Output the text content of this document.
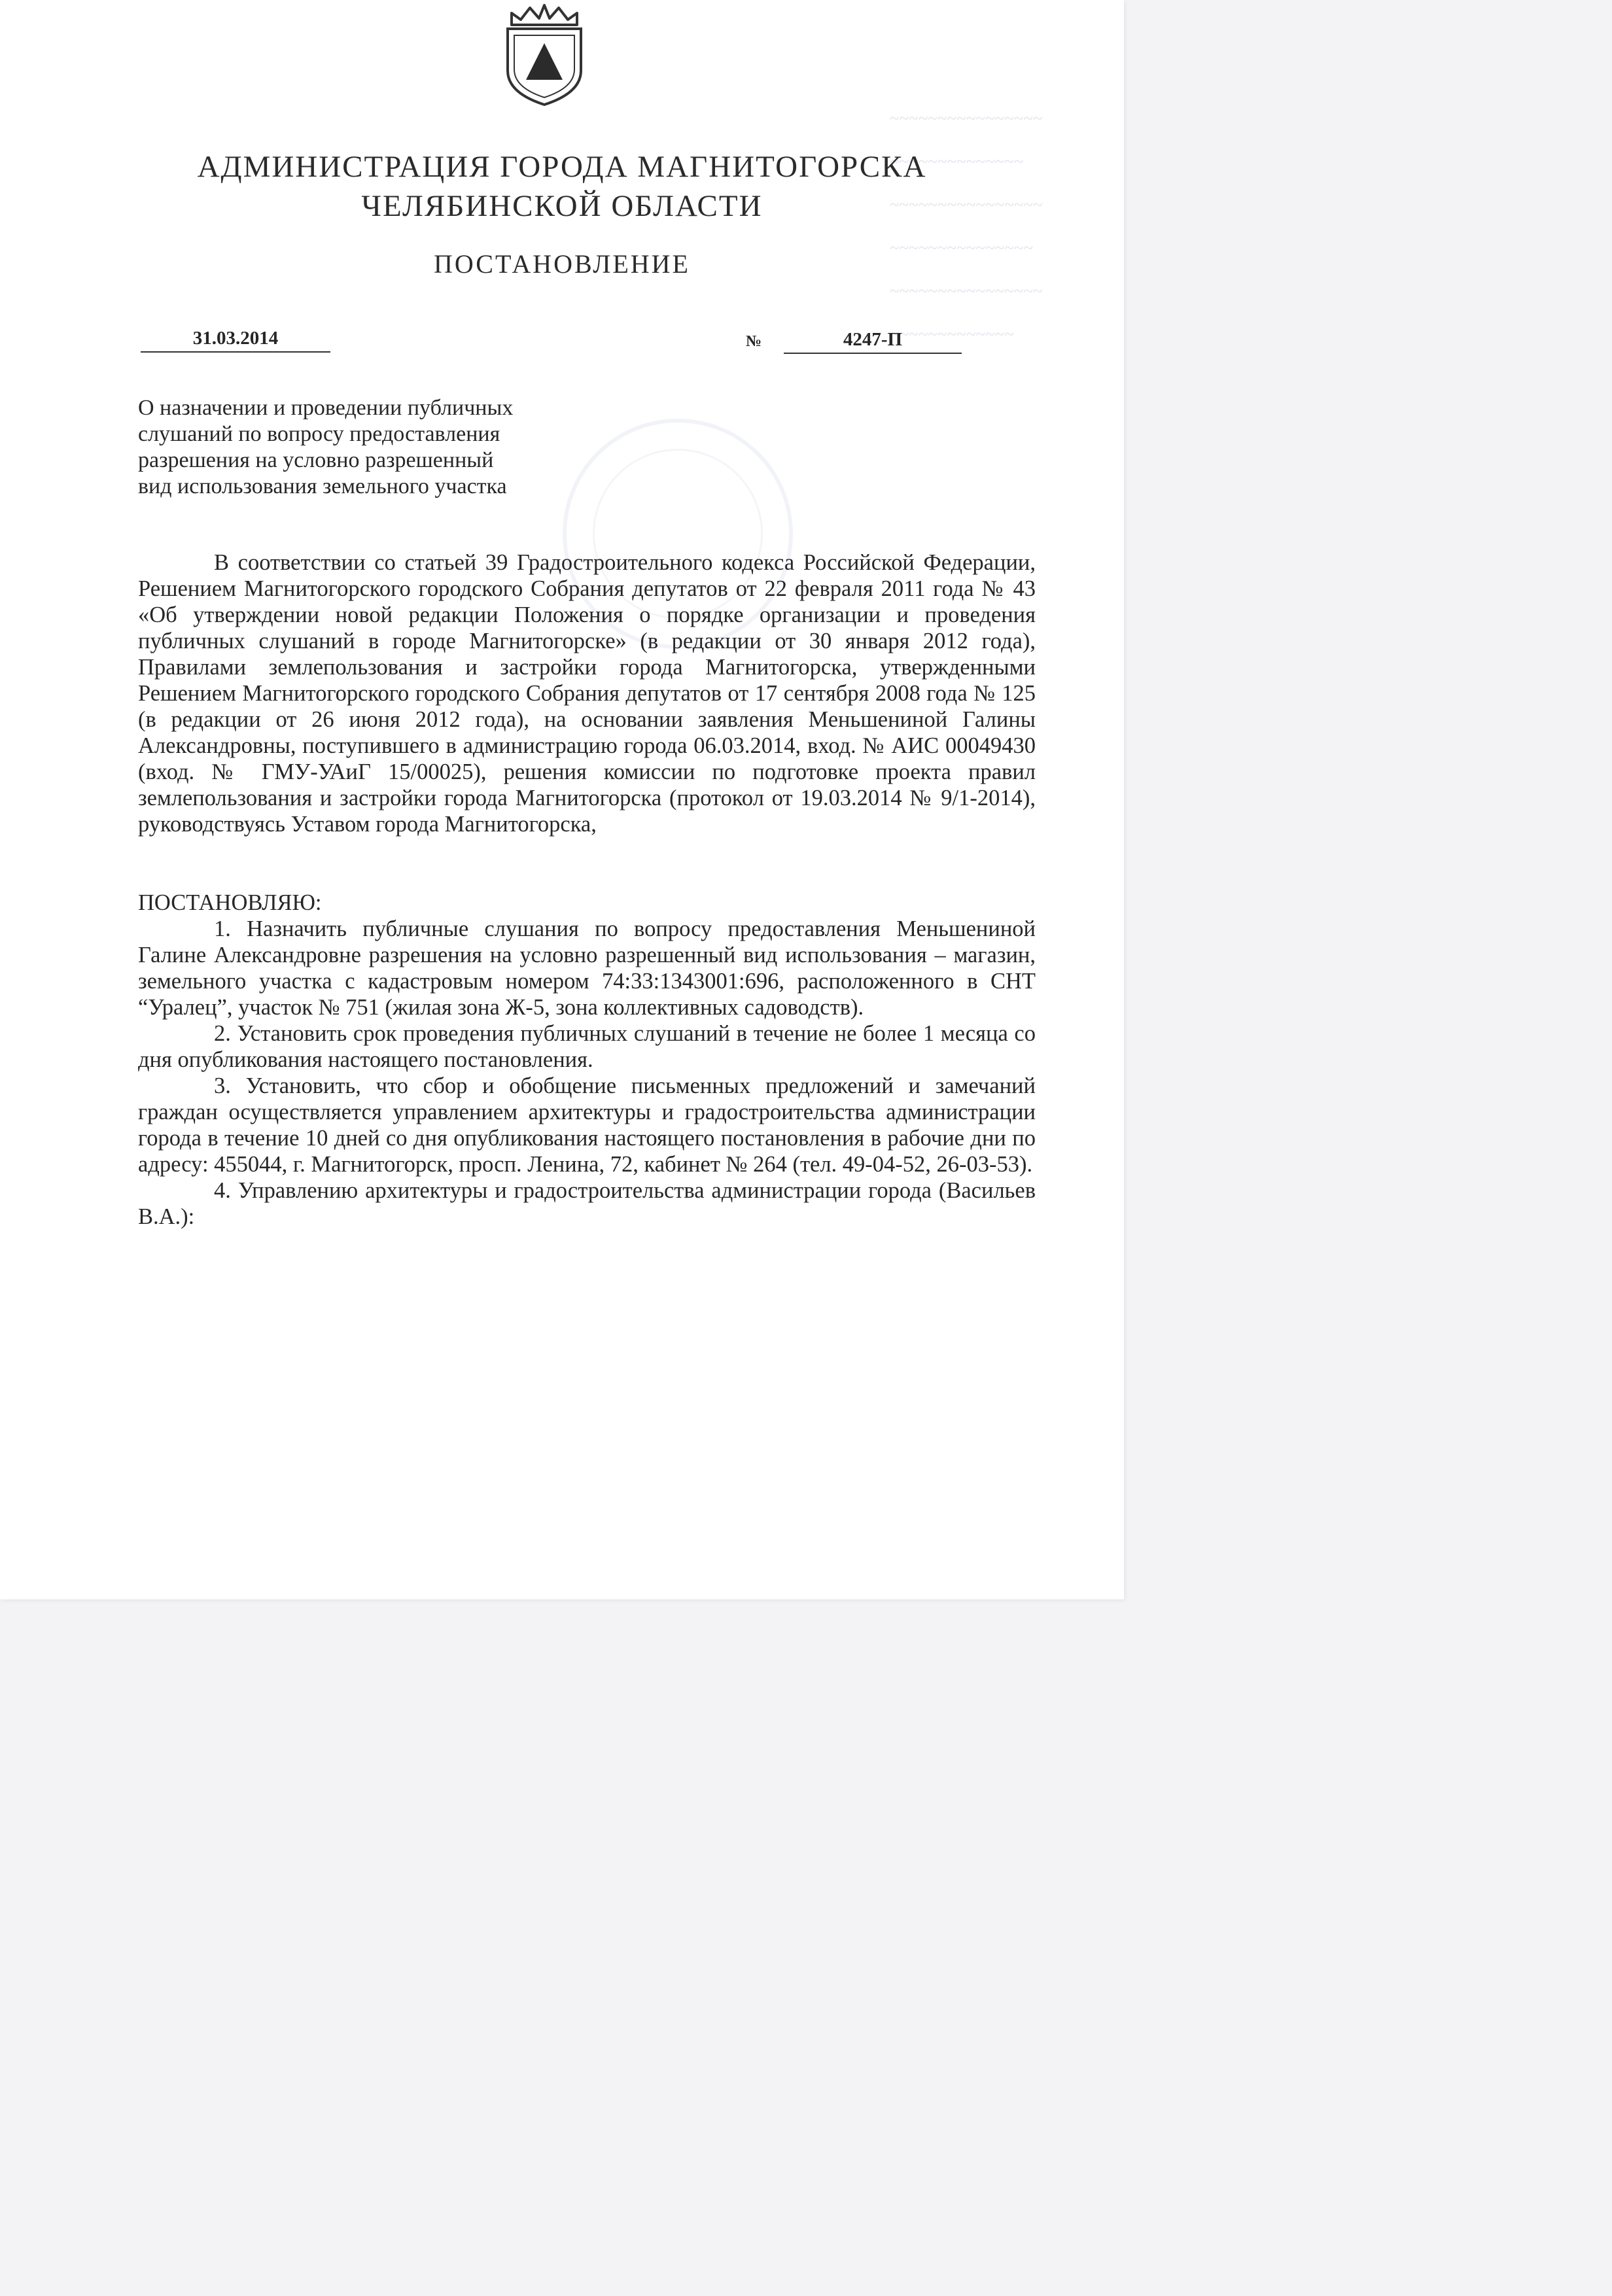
~~~~~~~~~~~~~~~~
~~~~~~~~~~~~~~
~~~~~~~~~~~~~~~~
~~~~~~~~~~~~~~~
~~~~~~~~~~~~~~~~
~~~~~~~~~~~~~
АДМИНИСТРАЦИЯ ГОРОДА МАГНИТОГОРСКА
ЧЕЛЯБИНСКОЙ ОБЛАСТИ
ПОСТАНОВЛЕНИЕ
31.03.2014	№	4247-П
О назначении и проведении публичных
слушаний по вопросу предоставления
разрешения на условно разрешенный
вид использования земельного участка

В соответствии со статьей 39 Градостроительного кодекса Российской Федерации, Решением Магнитогорского городского Собрания депутатов от 22 февраля 2011 года № 43 «Об утверждении новой редакции Положения о порядке организации и проведения публичных слушаний в городе Магнитогорске» (в редакции от 30 января 2012 года), Правилами землепользования и застройки города Магнитогорска, утвержденными Решением Магнитогорского городского Собрания депутатов от 17 сентября 2008 года № 125 (в редакции от 26 июня 2012 года), на основании заявления Меньшениной Галины Александровны, поступившего в администрацию города 06.03.2014, вход. № АИС 00049430 (вход. № ГМУ-УАиГ 15/00025), решения комиссии по подготовке проекта правил землепользования и застройки города Магнитогорска (протокол от 19.03.2014 № 9/1-2014), руководствуясь Уставом города Магнитогорска,

ПОСТАНОВЛЯЮ:

1. Назначить публичные слушания по вопросу предоставления Меньшениной Галине Александровне разрешения на условно разрешенный вид использования – магазин, земельного участка с кадастровым номером 74:33:1343001:696, расположенного в СНТ “Уралец”, участок № 751 (жилая зона Ж-5, зона коллективных садоводств).

2. Установить срок проведения публичных слушаний в течение не более 1 месяца со дня опубликования настоящего постановления.

3. Установить, что сбор и обобщение письменных предложений и замечаний граждан осуществляется управлением архитектуры и градостроительства администрации города в течение 10 дней со дня опубликования настоящего постановления в рабочие дни по адресу: 455044, г. Магнитогорск, просп. Ленина, 72, кабинет № 264 (тел. 49-04-52, 26-03-53).

4. Управлению архитектуры и градостроительства администрации города (Васильев В.А.):
